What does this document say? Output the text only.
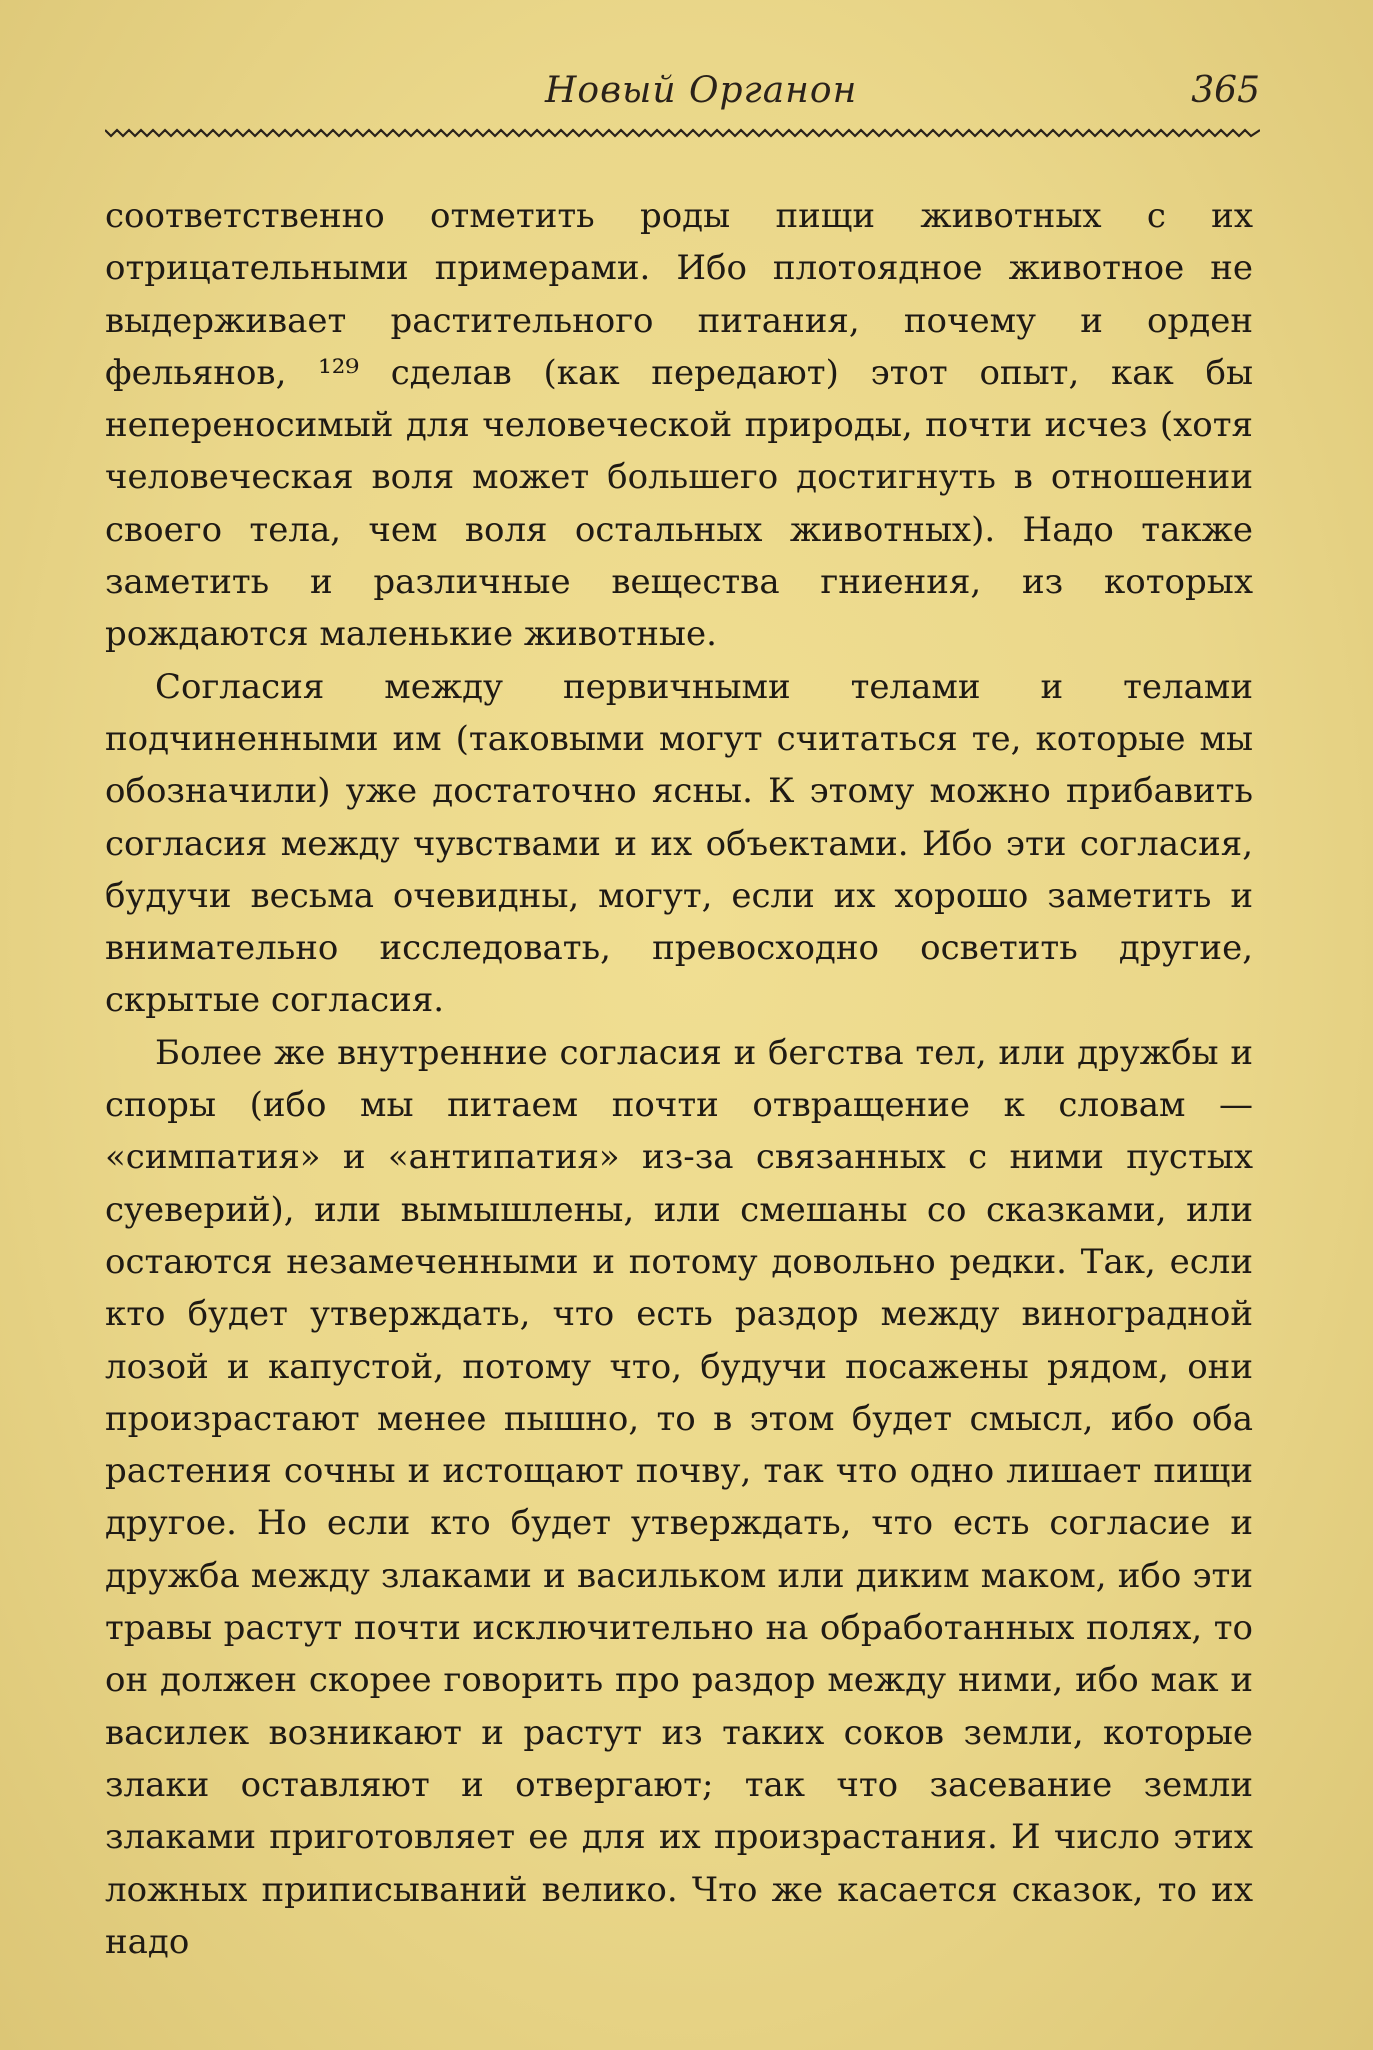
Новый Органон	365

соответственно отметить роды пищи животных с их отрицательными примерами. Ибо плотоядное животное не выдерживает растительного питания, почему и орден фельянов, ¹²⁹ сделав (как передают) этот опыт, как бы непереносимый для человеческой природы, почти исчез (хотя человеческая воля может большего достигнуть в отношении своего тела, чем воля остальных животных). Надо также заметить и различные вещества гниения, из которых рождаются маленькие животные.

Согласия между первичными телами и телами подчиненными им (таковыми могут считаться те, которые мы обозначили) уже достаточно ясны. К этому можно прибавить согласия между чувствами и их объектами. Ибо эти согласия, будучи весьма очевидны, могут, если их хорошо заметить и внимательно исследовать, превосходно осветить другие, скрытые согласия.

Более же внутренние согласия и бегства тел, или дружбы и споры (ибо мы питаем почти отвращение к словам — «симпатия» и «антипатия» из-за связанных с ними пустых суеверий), или вымышлены, или смешаны со сказками, или остаются незамеченными и потому довольно редки. Так, если кто будет утверждать, что есть раздор между виноградной лозой и капустой, потому что, будучи посажены рядом, они произрастают менее пышно, то в этом будет смысл, ибо оба растения сочны и истощают почву, так что одно лишает пищи другое. Но если кто будет утверждать, что есть согласие и дружба между злаками и васильком или диким маком, ибо эти травы растут почти исключительно на обработанных полях, то он должен скорее говорить про раздор между ними, ибо мак и василек возникают и растут из таких соков земли, которые злаки оставляют и отвергают; так что засевание земли злаками приготовляет ее для их произрастания. И число этих ложных приписываний велико. Что же касается сказок, то их надо
